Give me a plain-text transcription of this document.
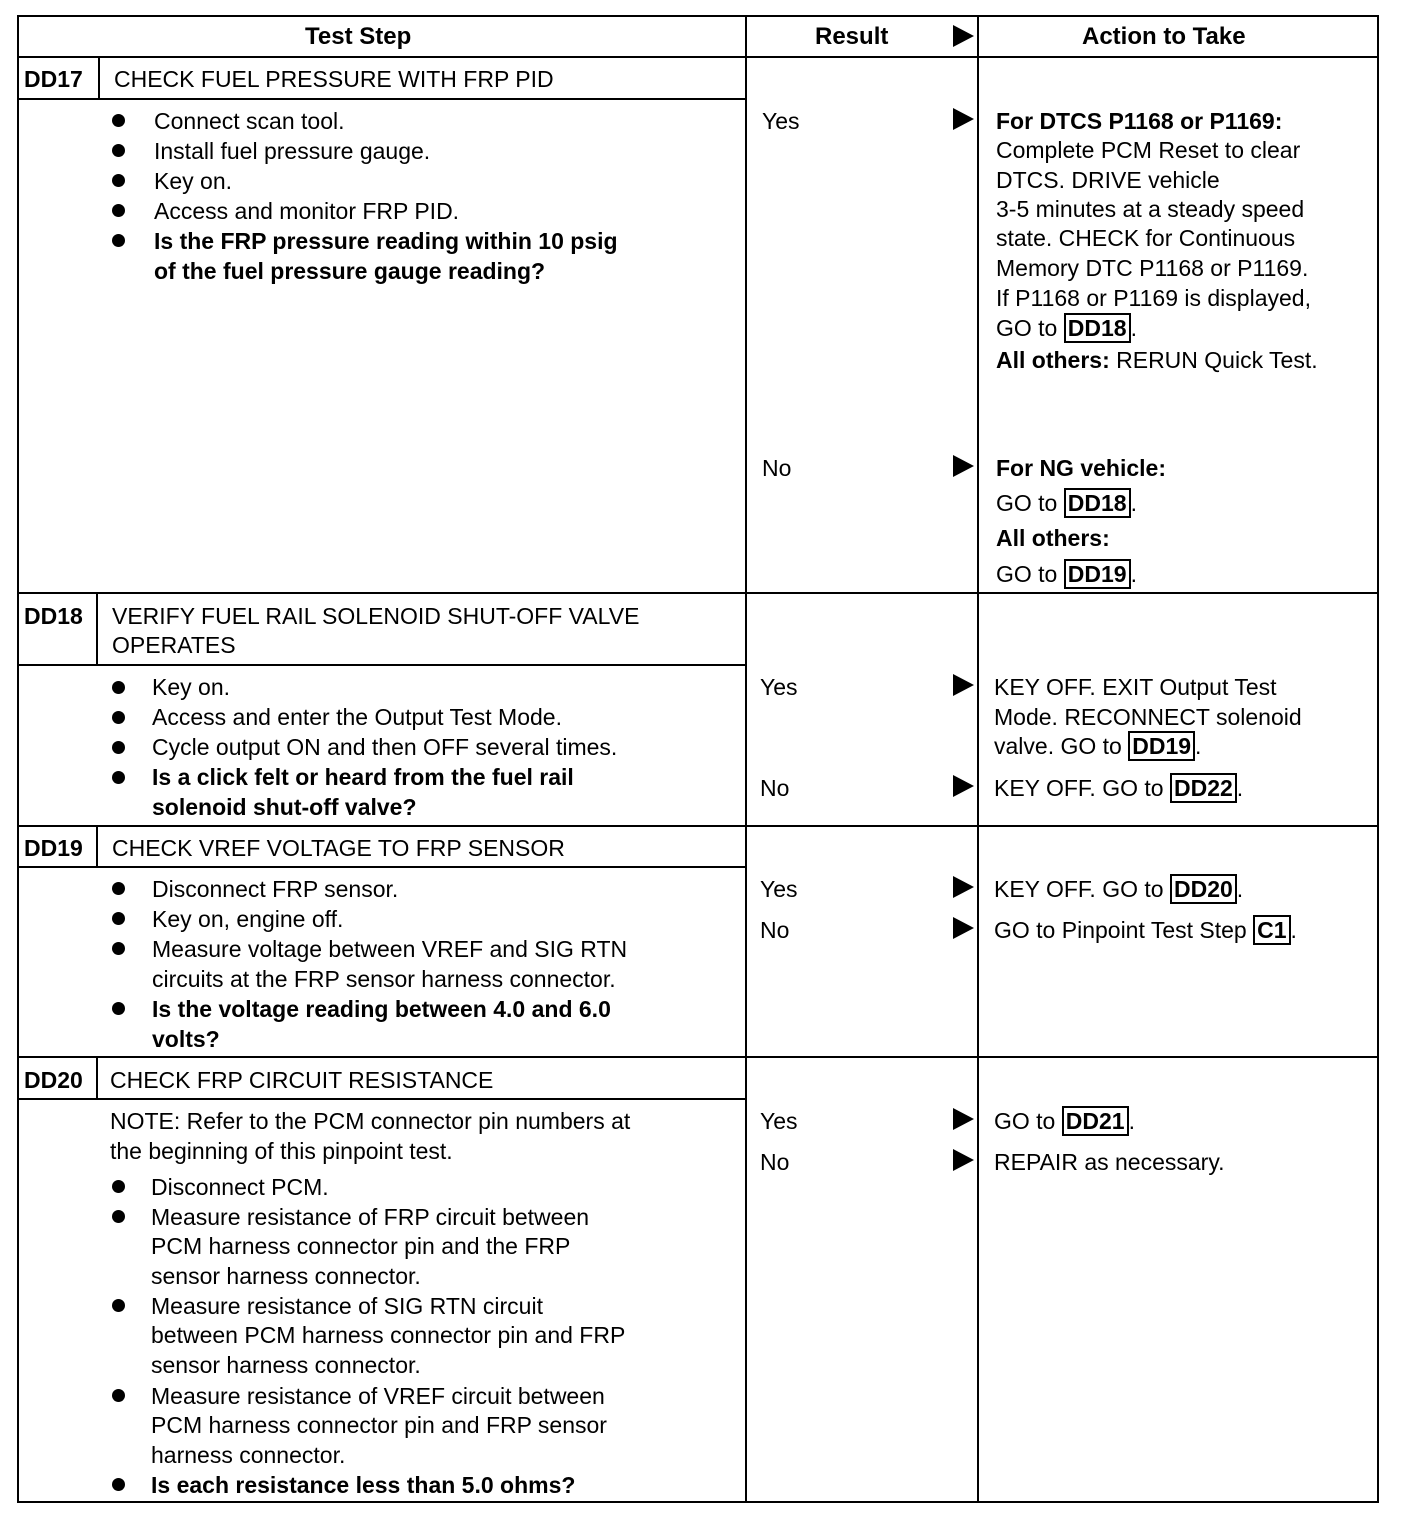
Test Step	Result	Action to Take
DD17 CHECK FUEL PRESSURE WITH FRP PID
Connect scan tool.
Install fuel pressure gauge.
Key on.
Access and monitor FRP PID.
Is the FRP pressure reading within 10 psig
of the fuel pressure gauge reading?
Yes	For DTCS P1168 or P1169:
Complete PCM Reset to clear
DTCS. DRIVE vehicle
3-5 minutes at a steady speed
state. CHECK for Continuous
Memory DTC P1168 or P1169.
If P1168 or P1169 is displayed,
GO to DD18 .
All others: RERUN Quick Test.
No	For NG vehicle:
GO to DD18 .
All others:
GO to DD19 .
DD18 VERIFY FUEL RAIL SOLENOID SHUT-OFF VALVE
OPERATES
Key on.
Access and enter the Output Test Mode.
Cycle output ON and then OFF several times.
Is a click felt or heard from the fuel rail
solenoid shut-off valve?
Yes	KEY OFF. EXIT Output Test
Mode. RECONNECT solenoid
valve. GO to DD19 .
No	KEY OFF. GO to DD22 .
DD19 CHECK VREF VOLTAGE TO FRP SENSOR
Disconnect FRP sensor.
Key on, engine off.
Measure voltage between VREF and SIG RTN
circuits at the FRP sensor harness connector.
Is the voltage reading between 4.0 and 6.0
volts?
Yes	KEY OFF. GO to DD20 .
No	GO to Pinpoint Test Step C1 .
DD20 CHECK FRP CIRCUIT RESISTANCE
NOTE: Refer to the PCM connector pin numbers at
the beginning of this pinpoint test.
Disconnect PCM.
Measure resistance of FRP circuit between
PCM harness connector pin and the FRP
sensor harness connector.
Measure resistance of SIG RTN circuit
between PCM harness connector pin and FRP
sensor harness connector.
Measure resistance of VREF circuit between
PCM harness connector pin and FRP sensor
harness connector.
Is each resistance less than 5.0 ohms?
Yes	GO to DD21 .
No	REPAIR as necessary.
